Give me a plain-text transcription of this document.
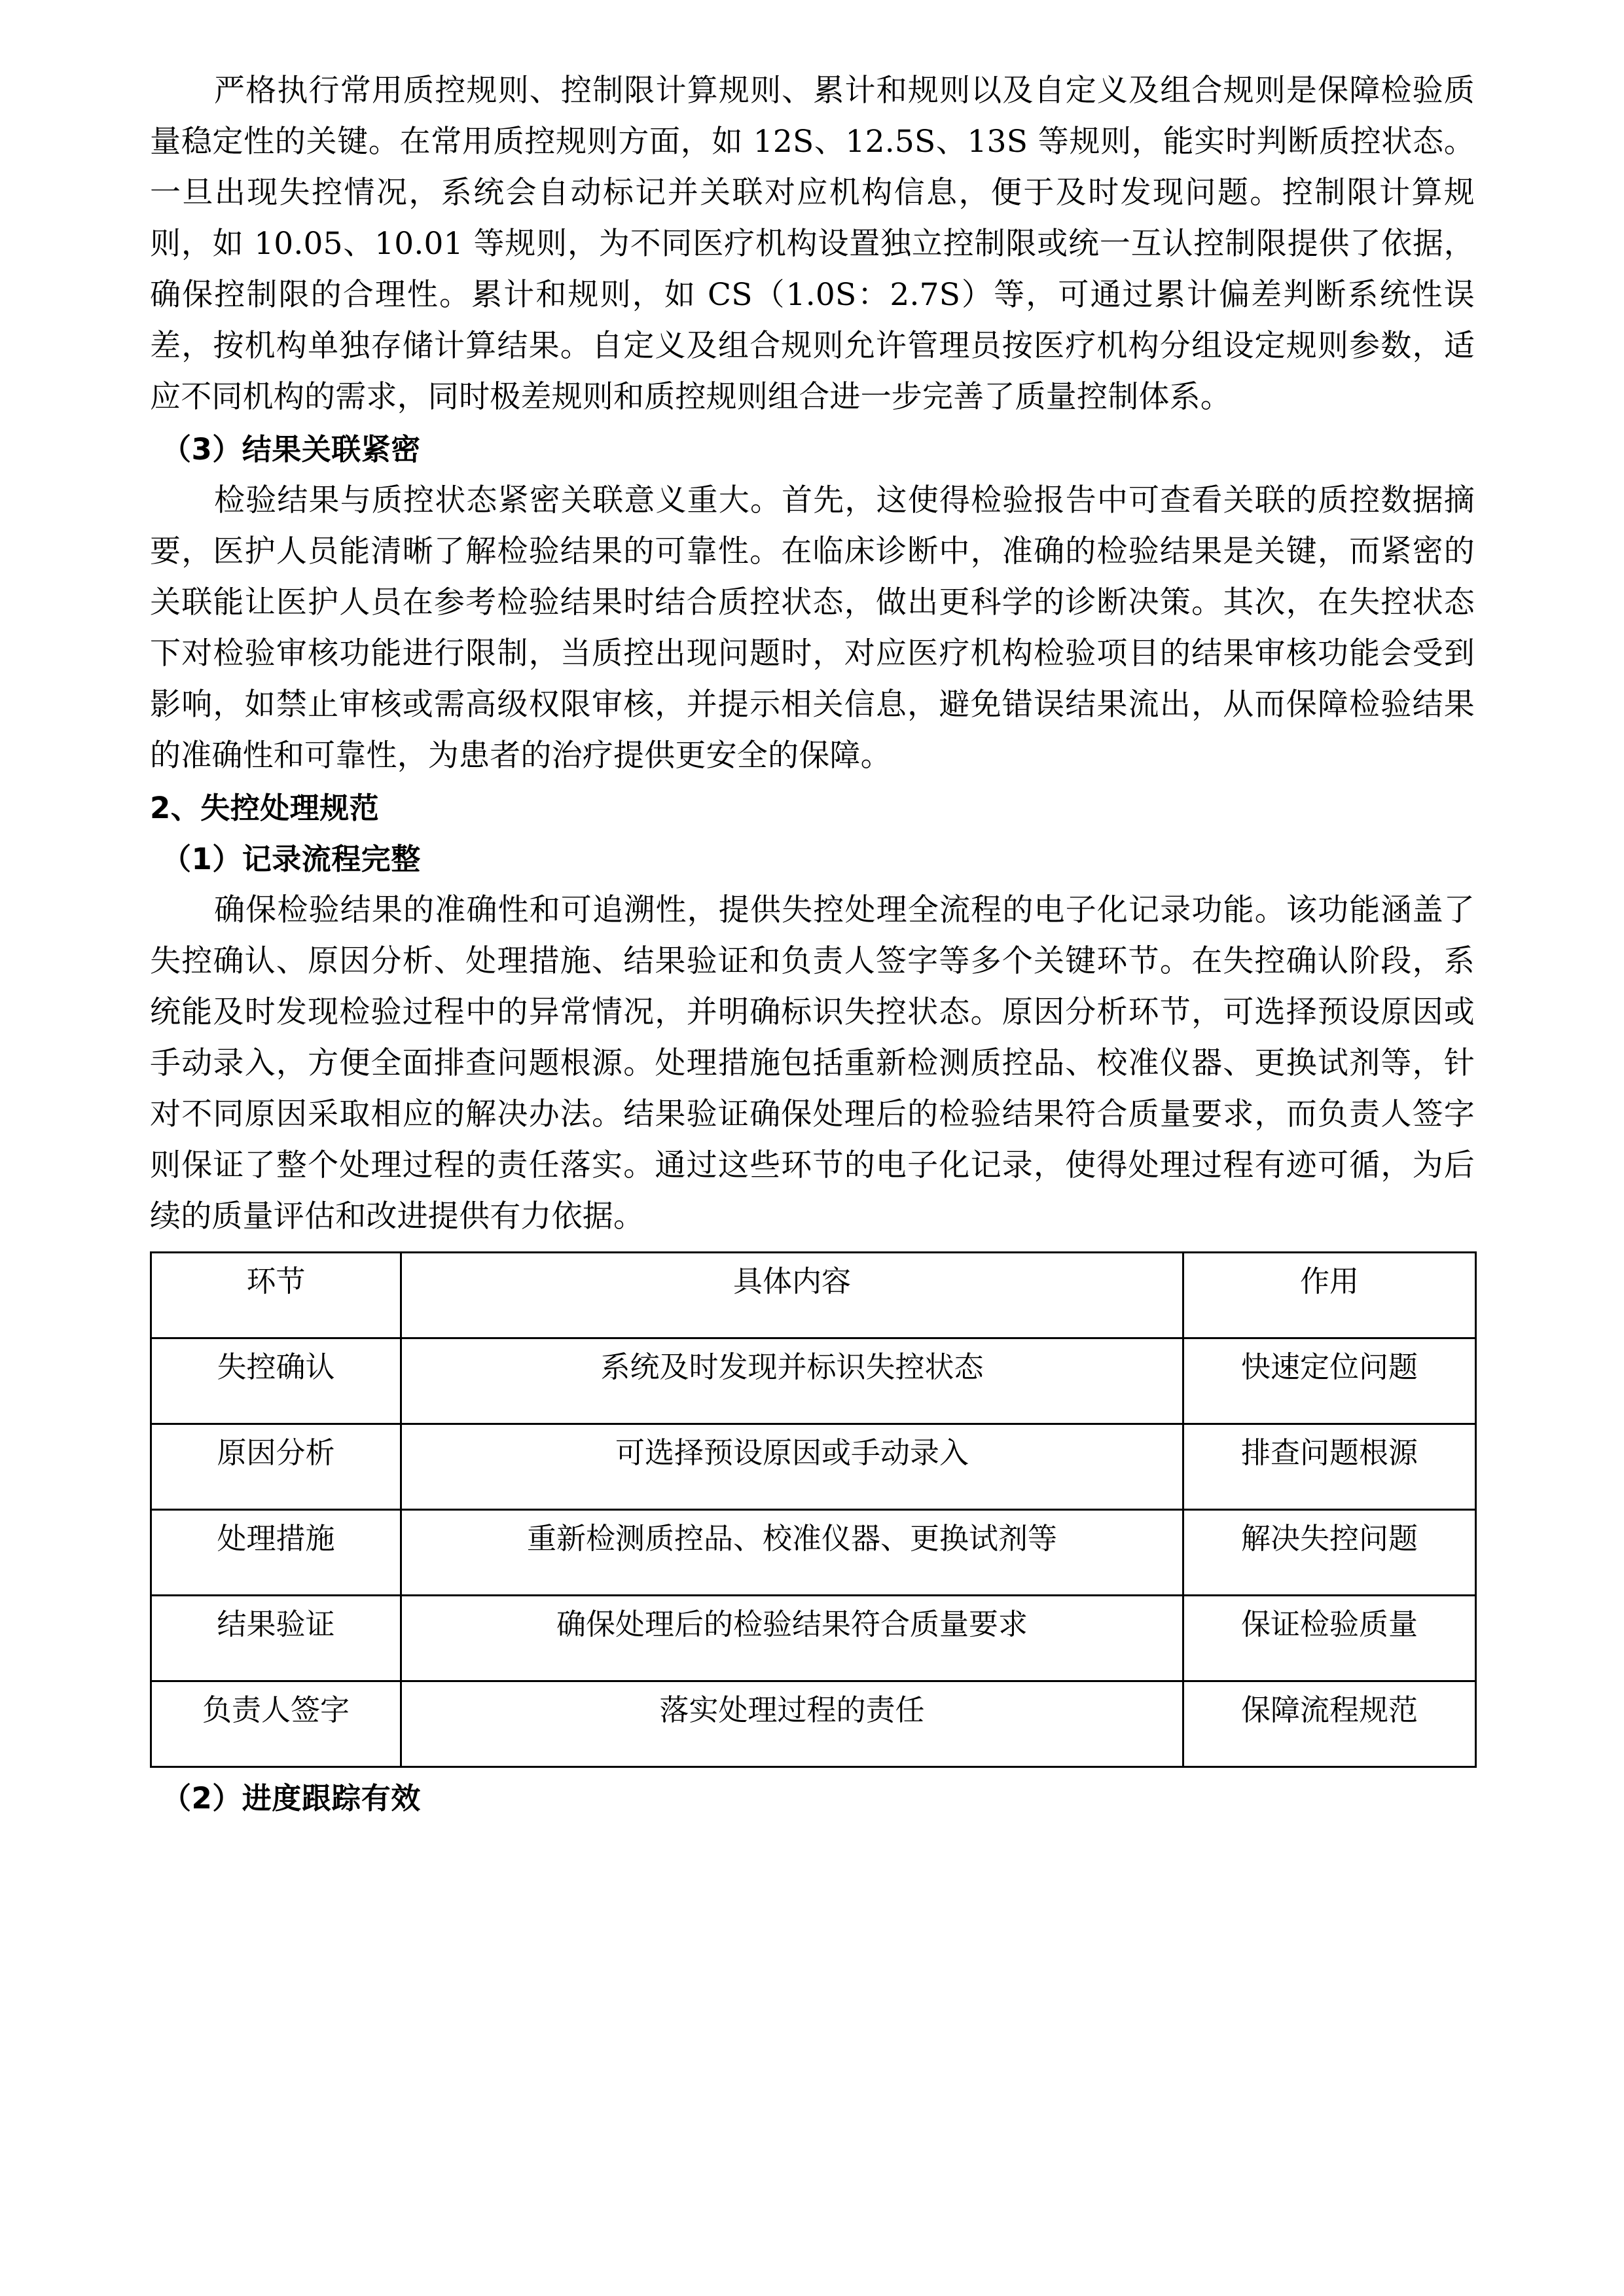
严格执行常用质控规则、控制限计算规则、累计和规则以及自定义及组合规则是保障检验质量稳定性的关键。在常用质控规则方面，如 12S、12.5S、13S 等规则，能实时判断质控状态。一旦出现失控情况，系统会自动标记并关联对应机构信息，便于及时发现问题。控制限计算规则，如 10.05、10.01 等规则，为不同医疗机构设置独立控制限或统一互认控制限提供了依据，确保控制限的合理性。累计和规则，如 CS（1.0S：2.7S）等，可通过累计偏差判断系统性误差，按机构单独存储计算结果。自定义及组合规则允许管理员按医疗机构分组设定规则参数，适应不同机构的需求，同时极差规则和质控规则组合进一步完善了质量控制体系。

（3）结果关联紧密

检验结果与质控状态紧密关联意义重大。首先，这使得检验报告中可查看关联的质控数据摘要，医护人员能清晰了解检验结果的可靠性。在临床诊断中，准确的检验结果是关键，而紧密的关联能让医护人员在参考检验结果时结合质控状态，做出更科学的诊断决策。其次，在失控状态下对检验审核功能进行限制，当质控出现问题时，对应医疗机构检验项目的结果审核功能会受到影响，如禁止审核或需高级权限审核，并提示相关信息，避免错误结果流出，从而保障检验结果的准确性和可靠性，为患者的治疗提供更安全的保障。

2、失控处理规范
（1）记录流程完整

确保检验结果的准确性和可追溯性，提供失控处理全流程的电子化记录功能。该功能涵盖了失控确认、原因分析、处理措施、结果验证和负责人签字等多个关键环节。在失控确认阶段，系统能及时发现检验过程中的异常情况，并明确标识失控状态。原因分析环节，可选择预设原因或手动录入，方便全面排查问题根源。处理措施包括重新检测质控品、校准仪器、更换试剂等，针对不同原因采取相应的解决办法。结果验证确保处理后的检验结果符合质量要求，而负责人签字则保证了整个处理过程的责任落实。通过这些环节的电子化记录，使得处理过程有迹可循，为后续的质量评估和改进提供有力依据。

环节	具体内容	作用
失控确认	系统及时发现并标识失控状态	快速定位问题
原因分析	可选择预设原因或手动录入	排查问题根源
处理措施	重新检测质控品、校准仪器、更换试剂等	解决失控问题
结果验证	确保处理后的检验结果符合质量要求	保证检验质量
负责人签字	落实处理过程的责任	保障流程规范
（2）进度跟踪有效
